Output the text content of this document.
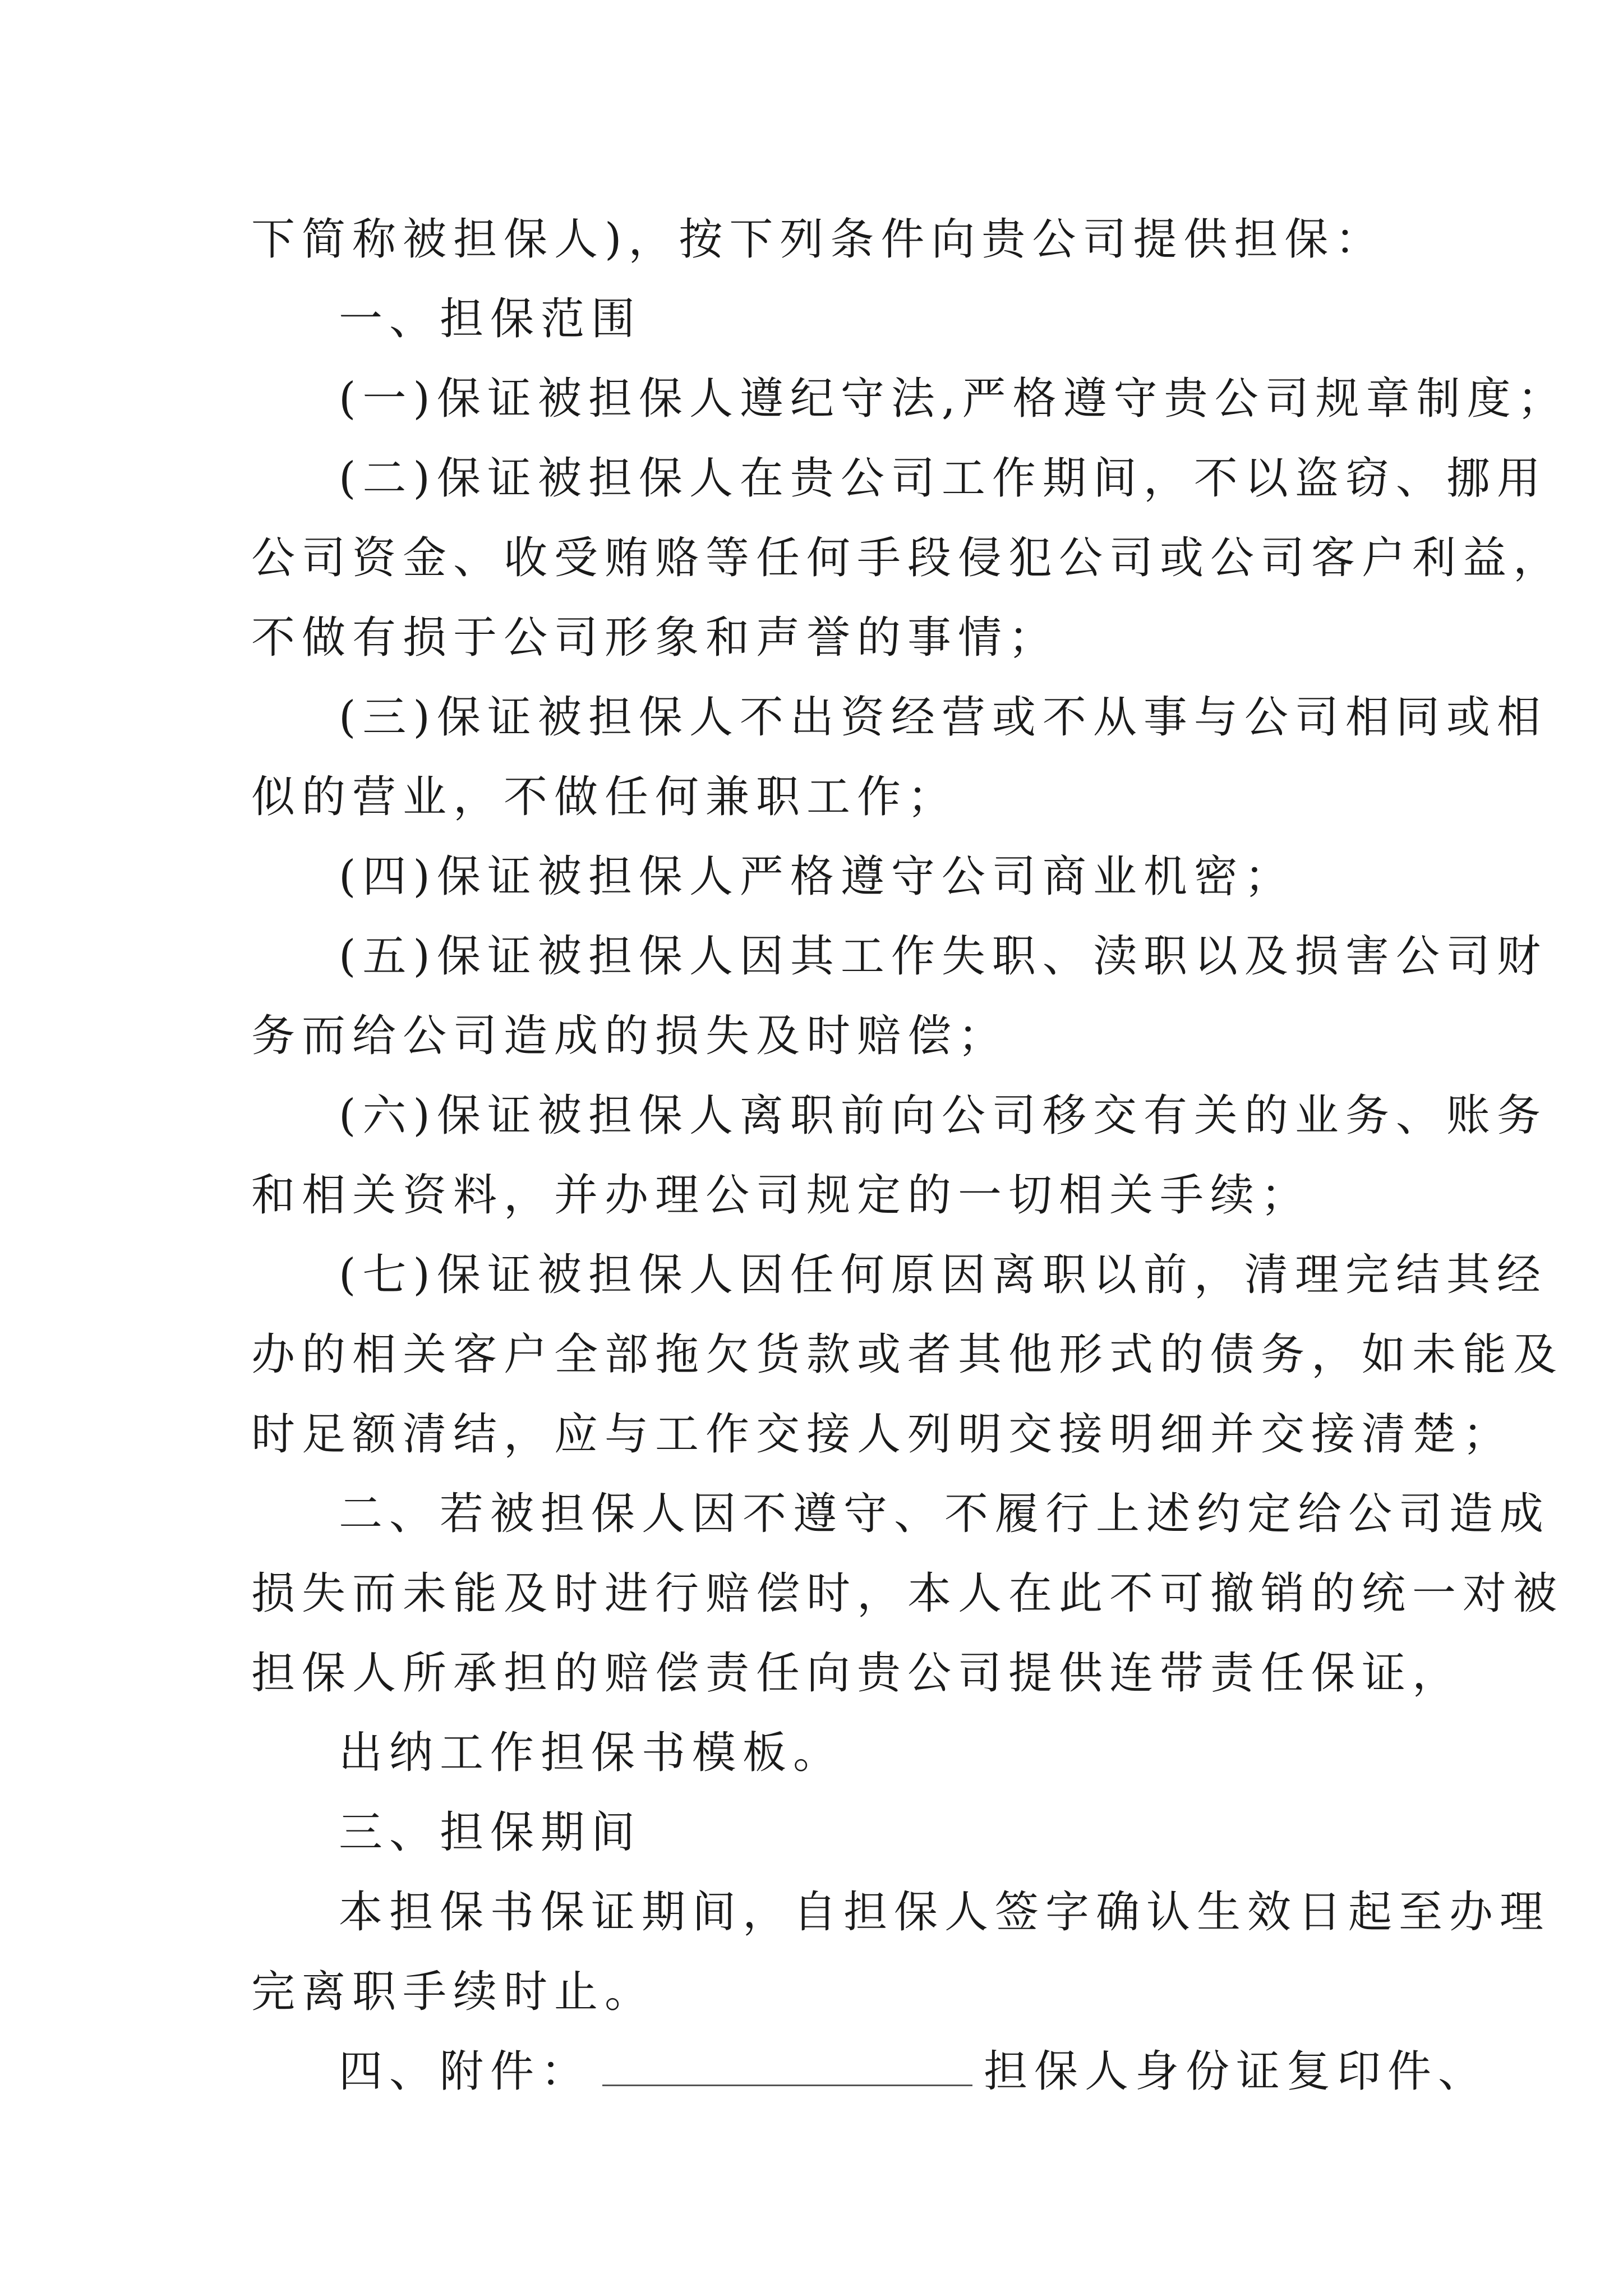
下简称被担保人)，按下列条件向贵公司提供担保：
一、担保范围
(一)保证被担保人遵纪守法,严格遵守贵公司规章制度；
(二)保证被担保人在贵公司工作期间，不以盗窃、挪用
公司资金、收受贿赂等任何手段侵犯公司或公司客户利益，
不做有损于公司形象和声誉的事情；
(三)保证被担保人不出资经营或不从事与公司相同或相
似的营业，不做任何兼职工作；
(四)保证被担保人严格遵守公司商业机密；
(五)保证被担保人因其工作失职、渎职以及损害公司财
务而给公司造成的损失及时赔偿；
(六)保证被担保人离职前向公司移交有关的业务、账务
和相关资料，并办理公司规定的一切相关手续；
(七)保证被担保人因任何原因离职以前，清理完结其经
办的相关客户全部拖欠货款或者其他形式的债务，如未能及
时足额清结，应与工作交接人列明交接明细并交接清楚；
二、若被担保人因不遵守、不履行上述约定给公司造成
损失而未能及时进行赔偿时，本人在此不可撤销的统一对被
担保人所承担的赔偿责任向贵公司提供连带责任保证，
出纳工作担保书模板。
三、担保期间
本担保书保证期间，自担保人签字确认生效日起至办理
完离职手续时止。
四、附件：	担保人身份证复印件、
